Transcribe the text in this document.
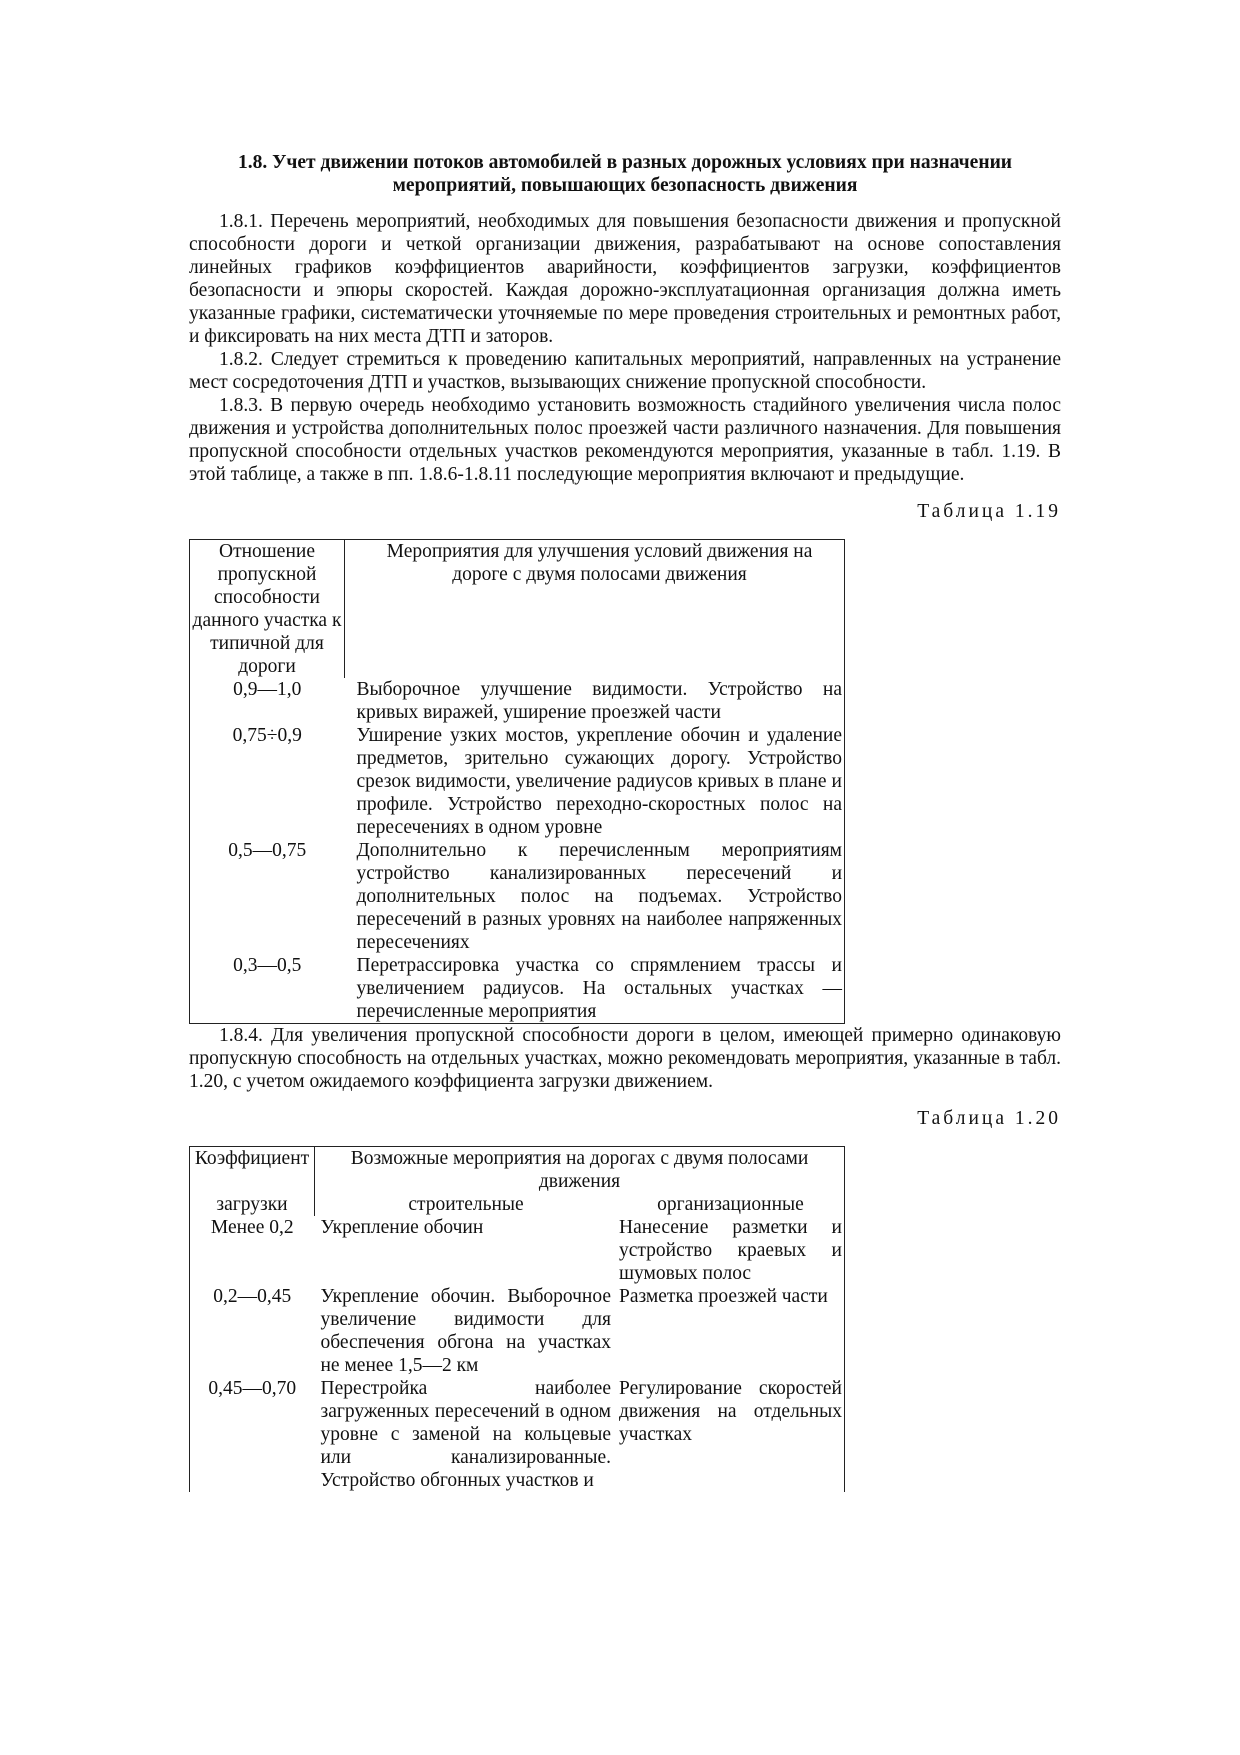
1.8. Учет движении потоков автомобилей в разных дорожных условиях при назначении мероприятий, повышающих безопасность движения

1.8.1. Перечень мероприятий, необходимых для повышения безопасности движения и пропускной способности дороги и четкой организации движения, разрабатывают на основе сопоставления линейных графиков коэффициентов аварийности, коэффициентов загрузки, коэффициентов безопасности и эпюры скоростей. Каждая дорожно-эксплуатационная организация должна иметь указанные графики, систематически уточняемые по мере проведения строительных и ремонтных работ, и фиксировать на них места ДТП и заторов.

1.8.2. Следует стремиться к проведению капитальных мероприятий, направленных на устранение мест сосредоточения ДТП и участков, вызывающих снижение пропускной способности.

1.8.3. В первую очередь необходимо установить возможность стадийного увеличения числа полос движения и устройства дополнительных полос проезжей части различного назначения. Для повышения пропускной способности отдельных участков рекомендуются мероприятия, указанные в табл. 1.19. В этой таблице, а также в пп. 1.8.6-1.8.11 последующие мероприятия включают и предыдущие.

Таблица 1.19
Отношение пропускной способности данного участка к типичной для дороги	Мероприятия для улучшения условий движения на дороге с двумя полосами движения
0,9—1,0	Выборочное улучшение видимости. Устройство на кривых виражей, уширение проезжей части
0,75÷0,9	Уширение узких мостов, укрепление обочин и удаление предметов, зрительно сужающих дорогу. Устройство срезок видимости, увеличение радиусов кривых в плане и профиле. Устройство переходно-скоростных полос на пересечениях в одном уровне
0,5—0,75	Дополнительно к перечисленным мероприятиям устройство канализированных пересечений и дополнительных полос на подъемах. Устройство пересечений в разных уровнях на наиболее напряженных пересечениях
0,3—0,5	Перетрассировка участка со спрямлением трассы и увеличением радиусов. На остальных участках — перечисленные мероприятия

1.8.4. Для увеличения пропускной способности дороги в целом, имеющей примерно одинаковую пропускную способность на отдельных участках, можно рекомендовать мероприятия, указанные в табл. 1.20, с учетом ожидаемого коэффициента загрузки движением.

Таблица 1.20
Коэффициент	Возможные мероприятия на дорогах с двумя полосами движения	
загрузки	строительные	организационные
Менее 0,2	Укрепление обочин	Нанесение разметки и устройство краевых и шумовых полос
0,2—0,45	Укрепление обочин. Выборочное увеличение видимости для обеспечения обгона на участках не менее 1,5—2 км	Разметка проезжей части
0,45—0,70	Перестройка наиболее загруженных пересечений в одном уровне с заменой на кольцевые или канализированные. Устройство обгонных участков и	Регулирование скоростей движения на отдельных участках
